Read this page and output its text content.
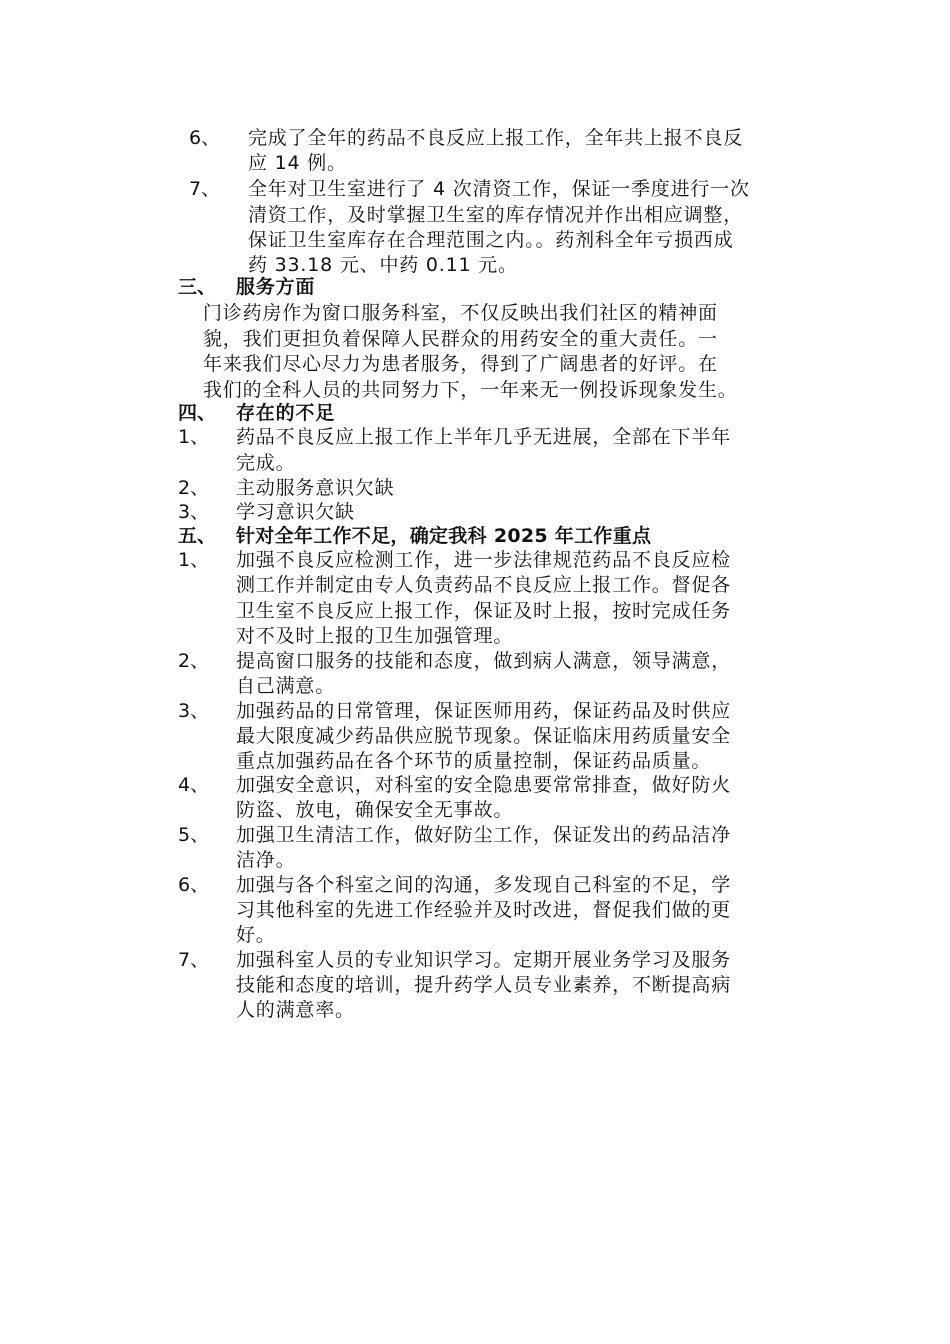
6、 完成了全年的药品不良反应上报工作，全年共上报不良反
应 14 例。
7、 全年对卫生室进行了 4 次清资工作，保证一季度进行一次
清资工作，及时掌握卫生室的库存情况并作出相应调整，
保证卫生室库存在合理范围之内。。药剂科全年亏损西成
药 33.18 元、中药 0.11 元。
三、 服务方面
门诊药房作为窗口服务科室，不仅反映出我们社区的精神面
貌，我们更担负着保障人民群众的用药安全的重大责任。一
年来我们尽心尽力为患者服务，得到了广阔患者的好评。在
我们的全科人员的共同努力下，一年来无一例投诉现象发生。
四、 存在的不足
1、 药品不良反应上报工作上半年几乎无进展，全部在下半年
完成。
2、 主动服务意识欠缺
3、 学习意识欠缺
五、 针对全年工作不足，确定我科 2025 年工作重点
1、 加强不良反应检测工作，进一步法律规范药品不良反应检
测工作并制定由专人负责药品不良反应上报工作。督促各
卫生室不良反应上报工作，保证及时上报，按时完成任务
对不及时上报的卫生加强管理。
2、 提高窗口服务的技能和态度，做到病人满意，领导满意，
自己满意。
3、 加强药品的日常管理，保证医师用药，保证药品及时供应
最大限度减少药品供应脱节现象。保证临床用药质量安全
重点加强药品在各个环节的质量控制，保证药品质量。
4、 加强安全意识，对科室的安全隐患要常常排查，做好防火
防盗、放电，确保安全无事故。
5、 加强卫生清洁工作，做好防尘工作，保证发出的药品洁净
洁净。
6、 加强与各个科室之间的沟通，多发现自己科室的不足，学
习其他科室的先进工作经验并及时改进，督促我们做的更
好。
7、 加强科室人员的专业知识学习。定期开展业务学习及服务
技能和态度的培训，提升药学人员专业素养，不断提高病
人的满意率。
